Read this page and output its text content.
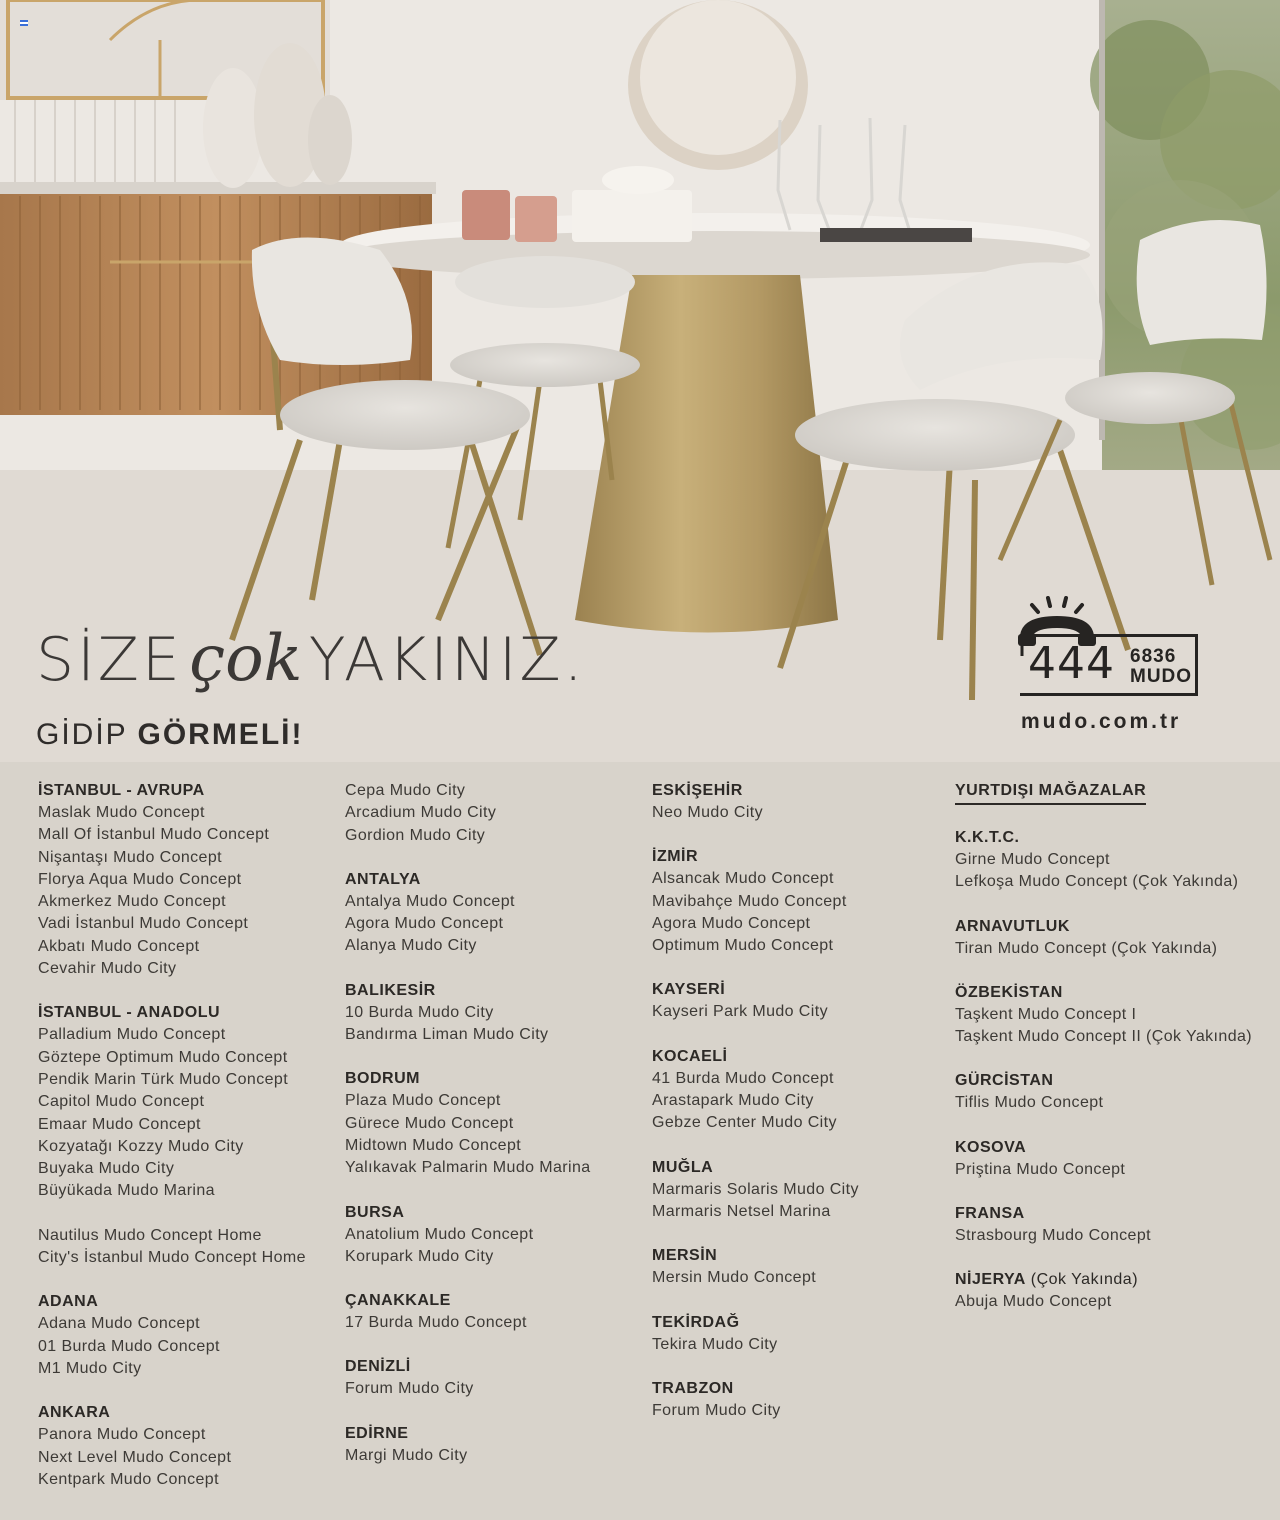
SİZE çok YAKINIZ.
GİDİP GÖRMELİ!
444 6836
MUDO
mudo.com.tr
İSTANBUL - AVRUPA
Maslak Mudo Concept
Mall Of İstanbul Mudo Concept
Nişantaşı Mudo Concept
Florya Aqua Mudo Concept
Akmerkez Mudo Concept
Vadi İstanbul Mudo Concept
Akbatı Mudo Concept
Cevahir Mudo City
İSTANBUL - ANADOLU
Palladium Mudo Concept
Göztepe Optimum Mudo Concept
Pendik Marin Türk Mudo Concept
Capitol Mudo Concept
Emaar Mudo Concept
Kozyatağı Kozzy Mudo City
Buyaka Mudo City
Büyükada Mudo Marina
Nautilus Mudo Concept Home
City's İstanbul Mudo Concept Home
ADANA
Adana Mudo Concept
01 Burda Mudo Concept
M1 Mudo City
ANKARA
Panora Mudo Concept
Next Level Mudo Concept
Kentpark Mudo Concept
Cepa Mudo City
Arcadium Mudo City
Gordion Mudo City
ANTALYA
Antalya Mudo Concept
Agora Mudo Concept
Alanya Mudo City
BALIKESİR
10 Burda Mudo City
Bandırma Liman Mudo City
BODRUM
Plaza Mudo Concept
Gürece Mudo Concept
Midtown Mudo Concept
Yalıkavak Palmarin Mudo Marina
BURSA
Anatolium Mudo Concept
Korupark Mudo City
ÇANAKKALE
17 Burda Mudo Concept
DENİZLİ
Forum Mudo City
EDİRNE
Margi Mudo City
ESKİŞEHİR
Neo Mudo City
İZMİR
Alsancak Mudo Concept
Mavibahçe Mudo Concept
Agora Mudo Concept
Optimum Mudo Concept
KAYSERİ
Kayseri Park Mudo City
KOCAELİ
41 Burda Mudo Concept
Arastapark Mudo City
Gebze Center Mudo City
MUĞLA
Marmaris Solaris Mudo City
Marmaris Netsel Marina
MERSİN
Mersin Mudo Concept
TEKİRDAĞ
Tekira Mudo City
TRABZON
Forum Mudo City
YURTDIŞI MAĞAZALAR
K.K.T.C.
Girne Mudo Concept
Lefkoşa Mudo Concept (Çok Yakında)
ARNAVUTLUK
Tiran Mudo Concept (Çok Yakında)
ÖZBEKİSTAN
Taşkent Mudo Concept I
Taşkent Mudo Concept II (Çok Yakında)
GÜRCİSTAN
Tiflis Mudo Concept
KOSOVA
Priştina Mudo Concept
FRANSA
Strasbourg Mudo Concept
NİJERYA (Çok Yakında)
Abuja Mudo Concept
